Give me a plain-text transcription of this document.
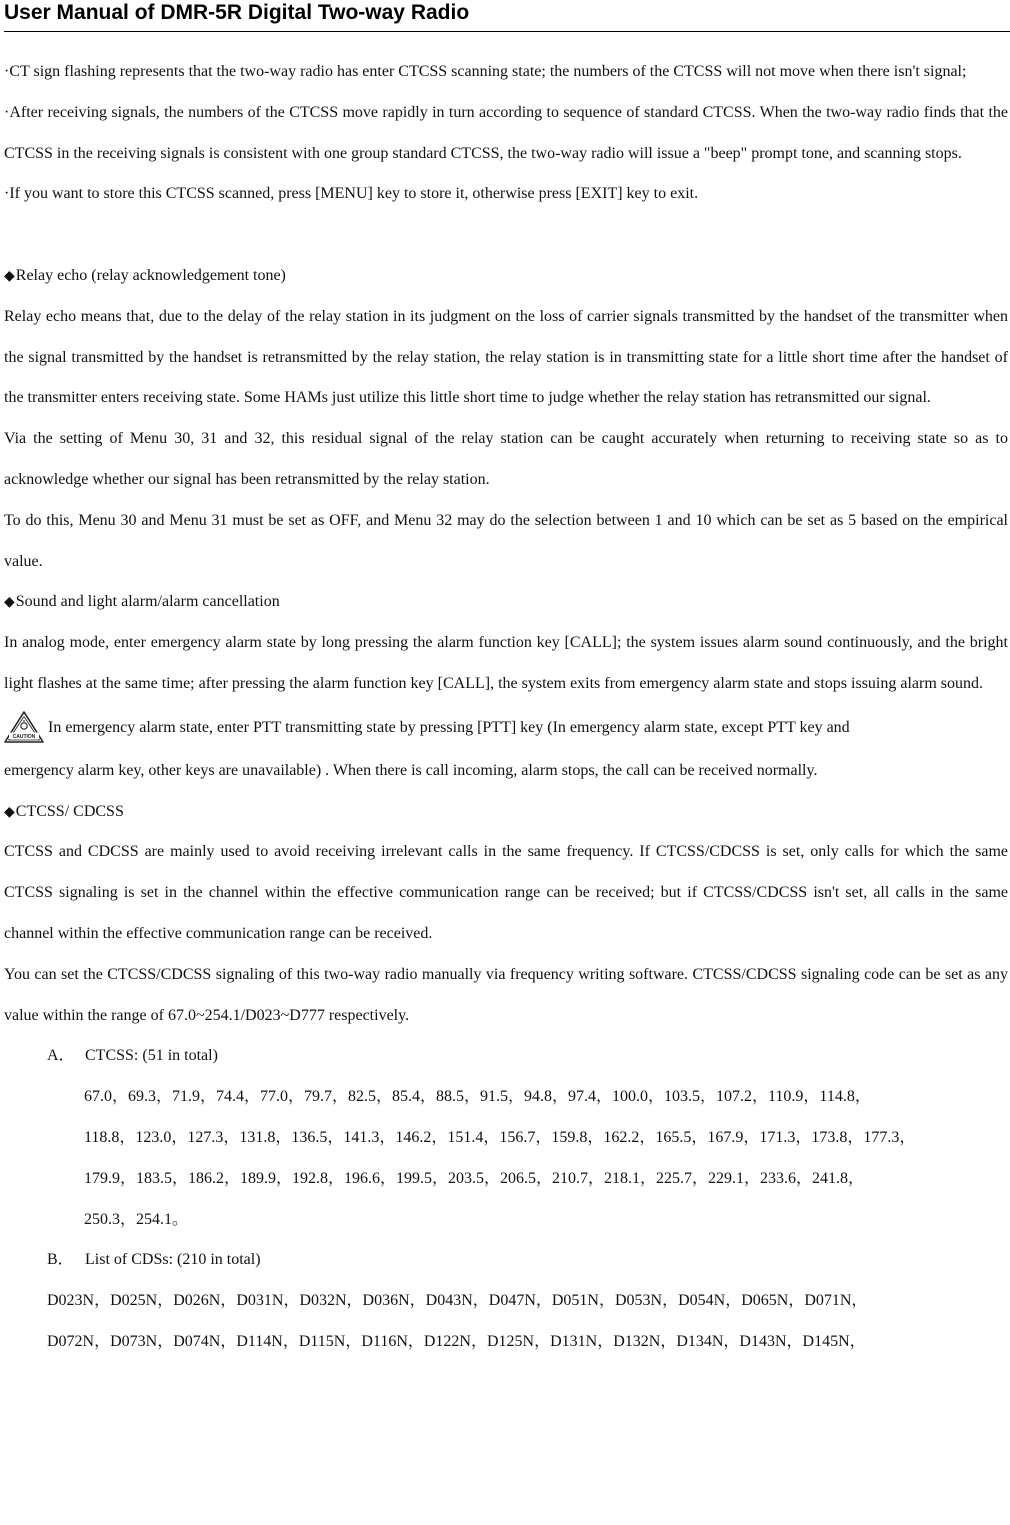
User Manual of DMR-5R Digital Two-way Radio

·CT sign flashing represents that the two-way radio has enter CTCSS scanning state; the numbers of the CTCSS will not move when there isn't signal;

·After receiving signals, the numbers of the CTCSS move rapidly in turn according to sequence of standard CTCSS. When the two-way radio finds that the CTCSS in the receiving signals is consistent with one group standard CTCSS, the two-way radio will issue a "beep" prompt tone, and scanning stops.

·If you want to store this CTCSS scanned, press [MENU] key to store it, otherwise press [EXIT] key to exit.

◆Relay echo (relay acknowledgement tone)

Relay echo means that, due to the delay of the relay station in its judgment on the loss of carrier signals transmitted by the handset of the transmitter when the signal transmitted by the handset is retransmitted by the relay station, the relay station is in transmitting state for a little short time after the handset of the transmitter enters receiving state. Some HAMs just utilize this little short time to judge whether the relay station has retransmitted our signal.

Via the setting of Menu 30, 31 and 32, this residual signal of the relay station can be caught accurately when returning to receiving state so as to acknowledge whether our signal has been retransmitted by the relay station.

To do this, Menu 30 and Menu 31 must be set as OFF, and Menu 32 may do the selection between 1 and 10 which can be set as 5 based on the empirical value.

◆Sound and light alarm/alarm cancellation

In analog mode, enter emergency alarm state by long pressing the alarm function key [CALL]; the system issues alarm sound continuously, and the bright light flashes at the same time; after pressing the alarm function key [CALL], the system exits from emergency alarm state and stops issuing alarm sound.

CAUTION
In emergency alarm state, enter PTT transmitting state by pressing [PTT] key (In emergency alarm state, except PTT key and

emergency alarm key, other keys are unavailable) . When there is call incoming, alarm stops, the call can be received normally.

◆CTCSS/ CDCSS

CTCSS and CDCSS are mainly used to avoid receiving irrelevant calls in the same frequency. If CTCSS/CDCSS is set, only calls for which the same CTCSS signaling is set in the channel within the effective communication range can be received; but if CTCSS/CDCSS isn't set, all calls in the same channel within the effective communication range can be received.

You can set the CTCSS/CDCSS signaling of this two-way radio manually via frequency writing software. CTCSS/CDCSS signaling code can be set as any value within the range of 67.0~254.1/D023~D777 respectively.

A． CTCSS: (51 in total)

67.0，69.3，71.9，74.4，77.0，79.7，82.5，85.4，88.5，91.5，94.8，97.4，100.0，103.5，107.2，110.9，114.8，
118.8，123.0，127.3，131.8，136.5，141.3，146.2，151.4，156.7，159.8，162.2，165.5，167.9，171.3，173.8，177.3，
179.9，183.5，186.2，189.9，192.8，196.6，199.5，203.5，206.5，210.7，218.1，225.7，229.1，233.6，241.8，
250.3，254.1。

B． List of CDSs: (210 in total)

D023N，D025N，D026N，D031N，D032N，D036N，D043N，D047N，D051N，D053N，D054N，D065N，D071N，
D072N，D073N，D074N，D114N，D115N，D116N，D122N，D125N，D131N，D132N，D134N，D143N，D145N，
